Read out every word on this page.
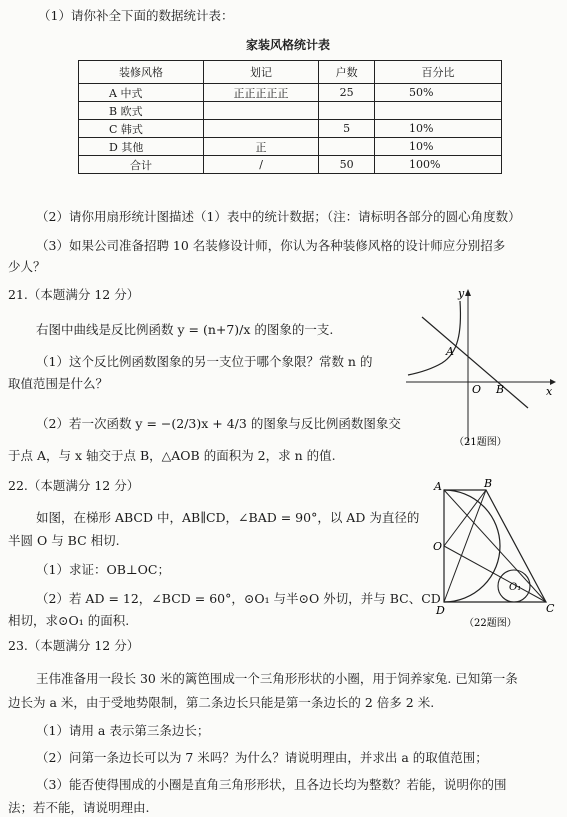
（1）请你补全下面的数据统计表：
家装风格统计表
装修风格	划记	户数	百分比
A 中式	正正正正正	25	50%
B 欧式			
C 韩式		5	10%
D 其他	正		10%
合计	/	50	100%
（2）请你用扇形统计图描述（1）表中的统计数据；（注：请标明各部分的圆心角度数）
（3）如果公司准备招聘 10 名装修设计师，你认为各种装修风格的设计师应分别招多
少人？
21.（本题满分 12 分）
右图中曲线是反比例函数 y = (n+7)/x 的图象的一支.
（1）这个反比例函数图象的另一支位于哪个象限？常数 n 的
取值范围是什么？
（2）若一次函数 y = −(2/3)x + 4/3 的图象与反比例函数图象交
于点 A，与 x 轴交于点 B，△AOB 的面积为 2，求 n 的值.
y
x
A
O B
（21题图）
22.（本题满分 12 分）
如图，在梯形 ABCD 中，AB∥CD，∠BAD = 90°，以 AD 为直径的
半圆 O 与 BC 相切.
（1）求证：OB⊥OC；
（2）若 AD = 12，∠BCD = 60°，⊙O₁ 与半⊙O 外切，并与 BC、CD
相切，求⊙O₁ 的面积.
A	B
O
O₁
D	C
（22题图）
23.（本题满分 12 分）
王伟准备用一段长 30 米的篱笆围成一个三角形形状的小圈，用于饲养家兔. 已知第一条
边长为 a 米，由于受地势限制，第二条边长只能是第一条边长的 2 倍多 2 米.
（1）请用 a 表示第三条边长；
（2）问第一条边长可以为 7 米吗？为什么？请说明理由，并求出 a 的取值范围；
（3）能否使得围成的小圈是直角三角形形状，且各边长均为整数？若能，说明你的围
法；若不能，请说明理由.
